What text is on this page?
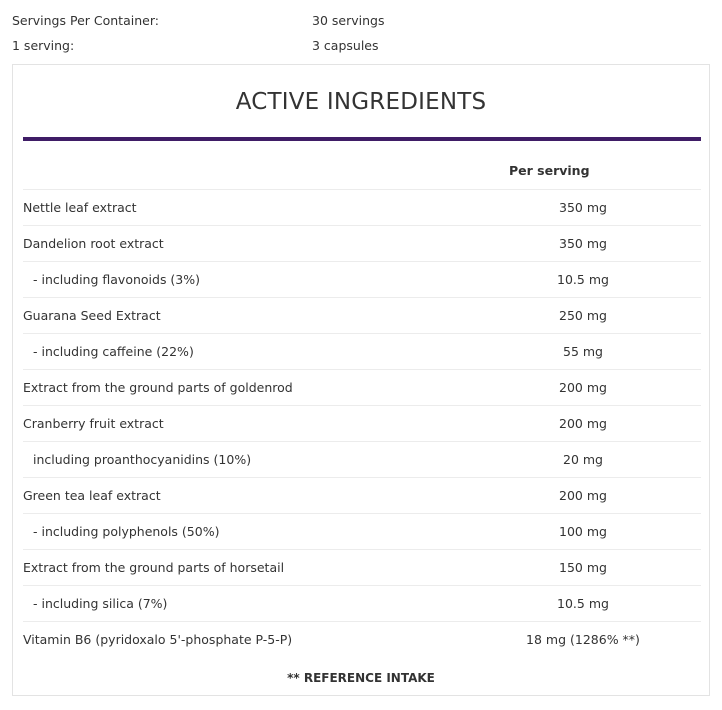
Servings Per Container:	30 servings
1 serving:	3 capsules
ACTIVE INGREDIENTS
Per serving
Nettle leaf extract	350 mg
Dandelion root extract	350 mg
- including flavonoids (3%)	10.5 mg
Guarana Seed Extract	250 mg
- including caffeine (22%)	55 mg
Extract from the ground parts of goldenrod	200 mg
Cranberry fruit extract	200 mg
including proanthocyanidins (10%)	20 mg
Green tea leaf extract	200 mg
- including polyphenols (50%)	100 mg
Extract from the ground parts of horsetail	150 mg
- including silica (7%)	10.5 mg
Vitamin B6 (pyridoxalo 5'-phosphate P-5-P)	18 mg (1286% **)
** REFERENCE INTAKE
